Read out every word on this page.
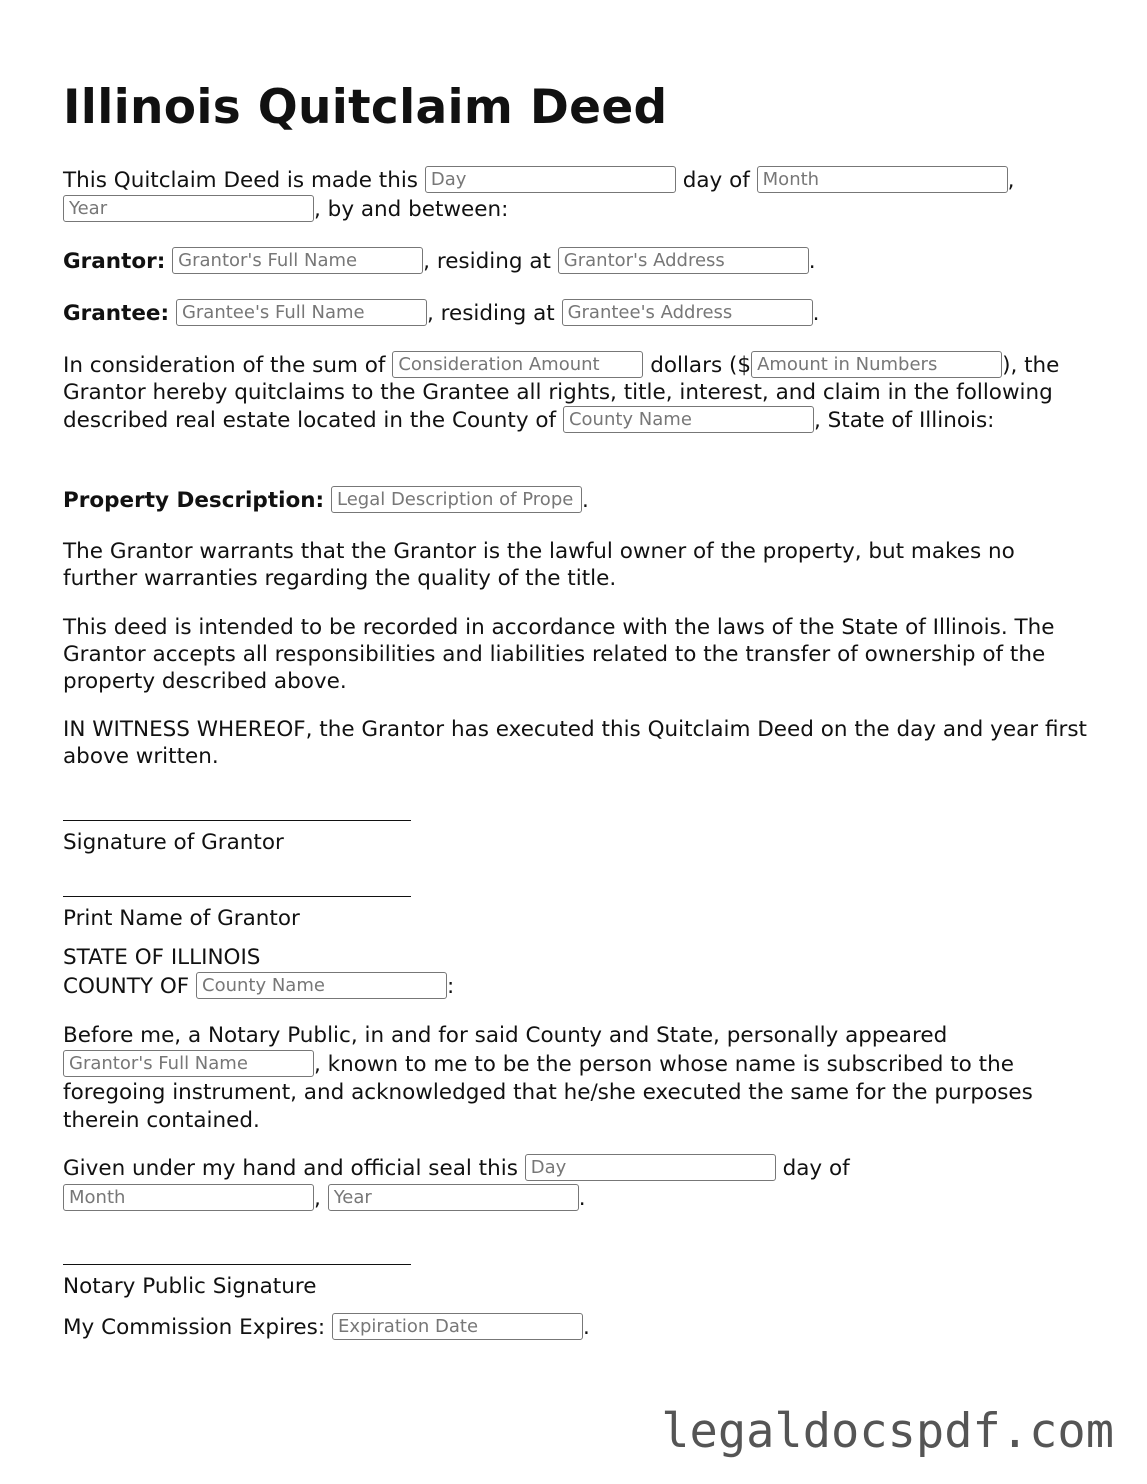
Illinois Quitclaim Deed

This Quitclaim Deed is made this Day	day of Month	,
Year	, by and between:

Grantor: Grantor's Full Name	, residing at Grantor's Address	.

Grantee: Grantee's Full Name	, residing at Grantee's Address	.

In consideration of the sum of Consideration Amount dollars ($ Amount in Numbers	), the Grantor hereby quitclaims to the Grantee all rights, title, interest, and claim in the following described real estate located in the County of County Name	, State of Illinois:

Property Description: Legal Description of Prope .

The Grantor warrants that the Grantor is the lawful owner of the property, but makes no further warranties regarding the quality of the title.

This deed is intended to be recorded in accordance with the laws of the State of Illinois. The Grantor accepts all responsibilities and liabilities related to the transfer of ownership of the property described above.

IN WITNESS WHEREOF, the Grantor has executed this Quitclaim Deed on the day and year first above written.

Signature of Grantor
Print Name of Grantor

STATE OF ILLINOIS
COUNTY OF County Name	:

Before me, a Notary Public, in and for said County and State, personally appeared Grantor's Full Name	, known to me to be the person whose name is subscribed to the foregoing instrument, and acknowledged that he/she executed the same for the purposes therein contained.

Given under my hand and official seal this Day	day of
Month	, Year	.

Notary Public Signature

My Commission Expires: Expiration Date	.

legaldocspdf.com
